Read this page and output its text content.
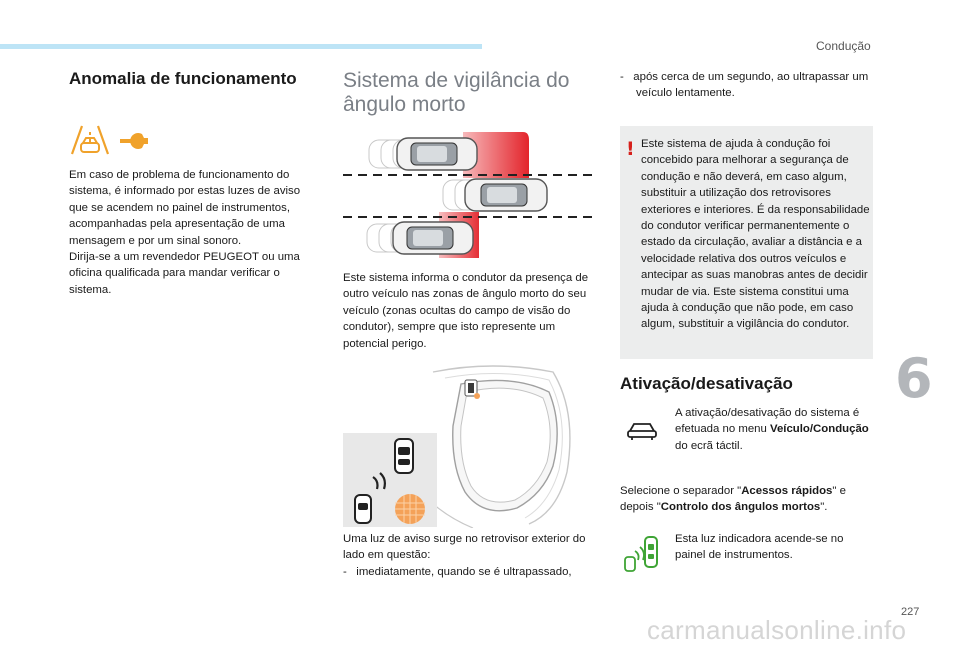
Condução
Anomalia de funcionamento
Em caso de problema de funcionamento do sistema, é informado por estas luzes de aviso que se acendem no painel de instrumentos, acompanhadas pela apresentação de uma mensagem e por um sinal sonoro.
Dirija-se a um revendedor PEUGEOT ou uma oficina qualificada para mandar verificar o sistema.
Sistema de vigilância do
ângulo morto
Este sistema informa o condutor da presença de outro veículo nas zonas de ângulo morto do seu veículo (zonas ocultas do campo de visão do condutor), sempre que isto represente um potencial perigo.
Uma luz de aviso surge no retrovisor exterior do lado em questão:
-   imediatamente, quando se é ultrapassado,
-   após cerca de um segundo, ao ultrapassar um veículo lentamente.
! Este sistema de ajuda à condução foi concebido para melhorar a segurança de condução e não deverá, em caso algum, substituir a utilização dos retrovisores exteriores e interiores. É da responsabilidade do condutor verificar permanentemente o estado da circulação, avaliar a distância e a velocidade relativa dos outros veículos e antecipar as suas manobras antes de decidir mudar de via. Este sistema constitui uma ajuda à condução que não pode, em caso algum, substituir a vigilância do condutor.
Ativação/desativação
A ativação/desativação do sistema é efetuada no menu Veículo/Condução do ecrã táctil.
Selecione o separador "Acessos rápidos" e depois "Controlo dos ângulos mortos".
Esta luz indicadora acende-se no painel de instrumentos.
6
227
carmanualsonline.info
